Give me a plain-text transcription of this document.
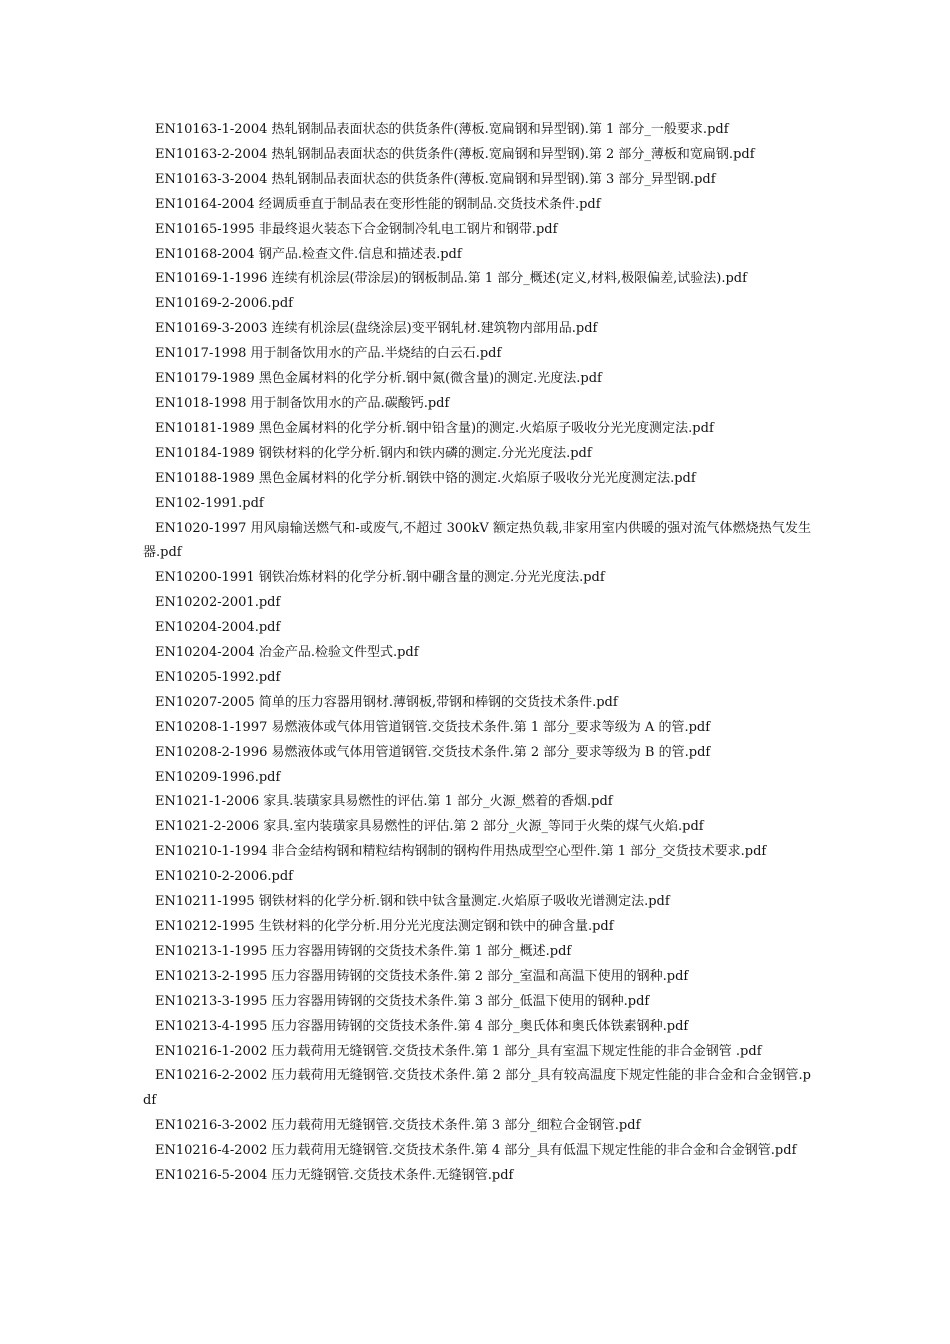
EN10163-1-2004 热轧钢制品表面状态的供货条件(薄板.宽扁钢和异型钢).第 1 部分_一般要求.pdf

EN10163-2-2004 热轧钢制品表面状态的供货条件(薄板.宽扁钢和异型钢).第 2 部分_薄板和宽扁钢.pdf

EN10163-3-2004 热轧钢制品表面状态的供货条件(薄板.宽扁钢和异型钢).第 3 部分_异型钢.pdf

EN10164-2004 经调质垂直于制品表在变形性能的钢制品.交货技术条件.pdf

EN10165-1995 非最终退火装态下合金钢制冷轧电工钢片和钢带.pdf

EN10168-2004 钢产品.检查文件.信息和描述表.pdf

EN10169-1-1996 连续有机涂层(带涂层)的钢板制品.第 1 部分_概述(定义,材料,极限偏差,试验法).pdf

EN10169-2-2006.pdf

EN10169-3-2003 连续有机涂层(盘绕涂层)变平钢轧材.建筑物内部用品.pdf

EN1017-1998 用于制备饮用水的产品.半烧结的白云石.pdf

EN10179-1989 黑色金属材料的化学分析.钢中氮(微含量)的测定.光度法.pdf

EN1018-1998 用于制备饮用水的产品.碳酸钙.pdf

EN10181-1989 黑色金属材料的化学分析.钢中铅含量)的测定.火焰原子吸收分光光度测定法.pdf

EN10184-1989 钢铁材料的化学分析.钢内和铁内磷的测定.分光光度法.pdf

EN10188-1989 黑色金属材料的化学分析.钢铁中铬的测定.火焰原子吸收分光光度测定法.pdf

EN102-1991.pdf

EN1020-1997 用风扇输送燃气和-或废气,不超过 300kV 额定热负载,非家用室内供暖的强对流气体燃烧热气发生器.pdf

EN10200-1991 钢铁冶炼材料的化学分析.钢中硼含量的测定.分光光度法.pdf

EN10202-2001.pdf

EN10204-2004.pdf

EN10204-2004 冶金产品.检验文件型式.pdf

EN10205-1992.pdf

EN10207-2005 简单的压力容器用钢材.薄钢板,带钢和棒钢的交货技术条件.pdf

EN10208-1-1997 易燃液体或气体用管道钢管.交货技术条件.第 1 部分_要求等级为 A 的管.pdf

EN10208-2-1996 易燃液体或气体用管道钢管.交货技术条件.第 2 部分_要求等级为 B 的管.pdf

EN10209-1996.pdf

EN1021-1-2006 家具.装璜家具易燃性的评估.第 1 部分_火源_燃着的香烟.pdf

EN1021-2-2006 家具.室内装璜家具易燃性的评估.第 2 部分_火源_等同于火柴的煤气火焰.pdf

EN10210-1-1994 非合金结构钢和精粒结构钢制的钢构件用热成型空心型件.第 1 部分_交货技术要求.pdf

EN10210-2-2006.pdf

EN10211-1995 钢铁材料的化学分析.钢和铁中钛含量测定.火焰原子吸收光谱测定法.pdf

EN10212-1995 生铁材料的化学分析.用分光光度法测定钢和铁中的砷含量.pdf

EN10213-1-1995 压力容器用铸钢的交货技术条件.第 1 部分_概述.pdf

EN10213-2-1995 压力容器用铸钢的交货技术条件.第 2 部分_室温和高温下使用的钢种.pdf

EN10213-3-1995 压力容器用铸钢的交货技术条件.第 3 部分_低温下使用的钢种.pdf

EN10213-4-1995 压力容器用铸钢的交货技术条件.第 4 部分_奥氏体和奥氏体铁素钢种.pdf

EN10216-1-2002 压力载荷用无缝钢管.交货技术条件.第 1 部分_具有室温下规定性能的非合金钢管 .pdf

EN10216-2-2002 压力载荷用无缝钢管.交货技术条件.第 2 部分_具有较高温度下规定性能的非合金和合金钢管.pdf

EN10216-3-2002 压力载荷用无缝钢管.交货技术条件.第 3 部分_细粒合金钢管.pdf

EN10216-4-2002 压力载荷用无缝钢管.交货技术条件.第 4 部分_具有低温下规定性能的非合金和合金钢管.pdf

EN10216-5-2004 压力无缝钢管.交货技术条件.无缝钢管.pdf
